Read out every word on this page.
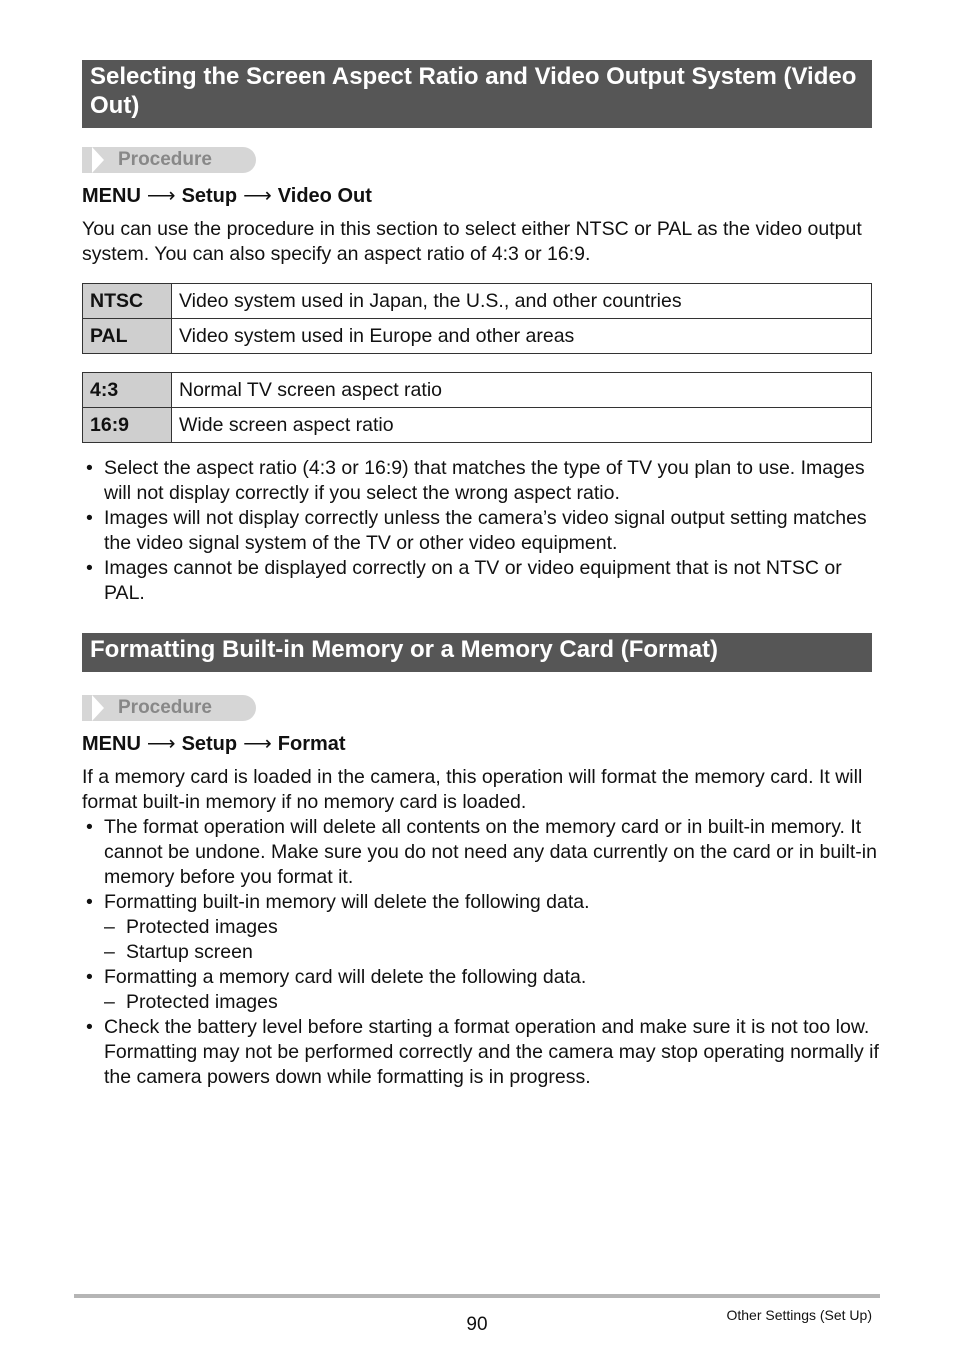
Selecting the Screen Aspect Ratio and Video Output System (Video Out)
Procedure
MENU ⟶ Setup ⟶ Video Out

You can use the procedure in this section to select either NTSC or PAL as the video output system. You can also specify an aspect ratio of 4:3 or 16:9.

NTSC	Video system used in Japan, the U.S., and other countries
PAL	Video system used in Europe and other areas
4:3	Normal TV screen aspect ratio
16:9	Wide screen aspect ratio
• Select the aspect ratio (4:3 or 16:9) that matches the type of TV you plan to use. Images will not display correctly if you select the wrong aspect ratio.
• Images will not display correctly unless the camera’s video signal output setting matches the video signal system of the TV or other video equipment.
• Images cannot be displayed correctly on a TV or video equipment that is not NTSC or PAL.
Formatting Built-in Memory or a Memory Card (Format)
Procedure
MENU ⟶ Setup ⟶ Format

If a memory card is loaded in the camera, this operation will format the memory card. It will format built-in memory if no memory card is loaded.

• The format operation will delete all contents on the memory card or in built-in memory. It cannot be undone. Make sure you do not need any data currently on the card or in built-in memory before you format it.
• Formatting built-in memory will delete the following data.
– Protected images
– Startup screen
• Formatting a memory card will delete the following data.
– Protected images
• Check the battery level before starting a format operation and make sure it is not too low. Formatting may not be performed correctly and the camera may stop operating normally if the camera powers down while formatting is in progress.
90	Other Settings (Set Up)
